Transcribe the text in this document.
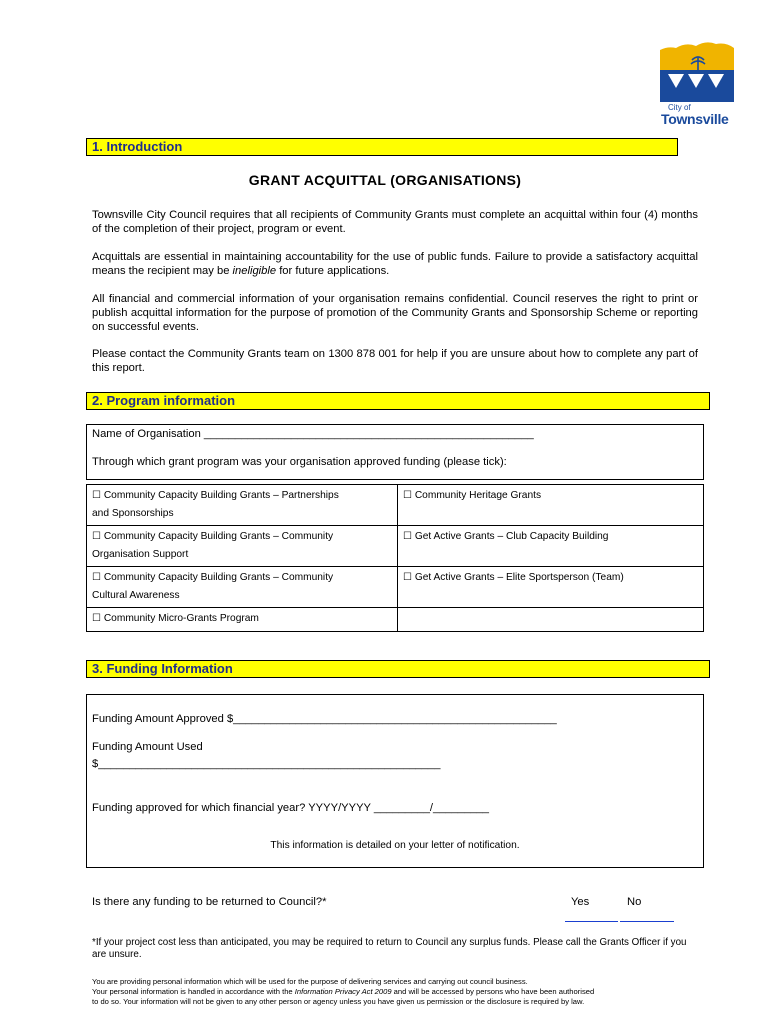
City of
Townsville
1. Introduction
GRANT ACQUITTAL (ORGANISATIONS)
Townsville City Council requires that all recipients of Community Grants must complete an acquittal within four (4) months of the completion of their project, program or event.
Acquittals are essential in maintaining accountability for the use of public funds. Failure to provide a satisfactory acquittal means the recipient may be ineligible for future applications.
All financial and commercial information of your organisation remains confidential. Council reserves the right to print or publish acquittal information for the purpose of promotion of the Community Grants and Sponsorship Scheme or reporting on successful events.
Please contact the Community Grants team on 1300 878 001 for help if you are unsure about how to complete any part of this report.
2. Program information
Name of Organisation _____________________________________________________
Through which grant program was your organisation approved funding (please tick):
☐ Community Capacity Building Grants – Partnerships
and Sponsorships
☐ Community Heritage Grants
☐ Community Capacity Building Grants – Community
Organisation Support
☐ Get Active Grants – Club Capacity Building
☐ Community Capacity Building Grants – Community
Cultural Awareness
☐ Get Active Grants – Elite Sportsperson (Team)
☐ Community Micro-Grants Program
3. Funding Information
Funding Amount Approved $____________________________________________________
Funding Amount Used
$_______________________________________________________
Funding approved for which financial year? YYYY/YYYY _________/_________
This information is detailed on your letter of notification.
Is there any funding to be returned to Council?*	Yes	No
*If your project cost less than anticipated, you may be required to return to Council any surplus funds. Please call the Grants Officer if you are unsure.
You are providing personal information which will be used for the purpose of delivering services and carrying out council business.
Your personal information is handled in accordance with the Information Privacy Act 2009 and will be accessed by persons who have been authorised
to do so. Your information will not be given to any other person or agency unless you have given us permission or the disclosure is required by law.
